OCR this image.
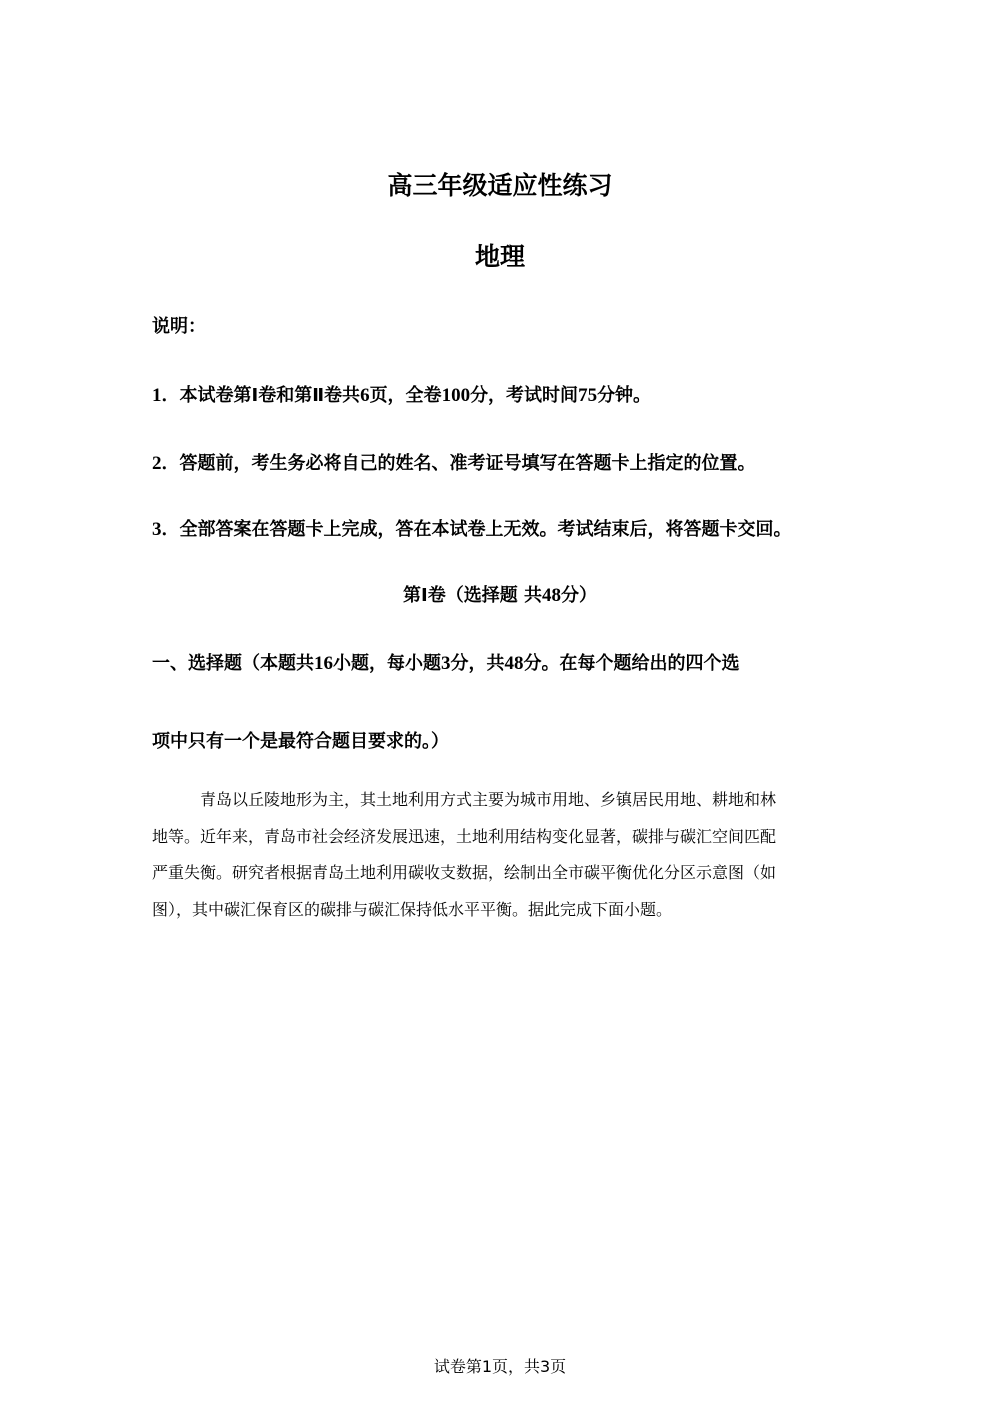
高三年级适应性练习
地理
说明：
1．本试卷第Ⅰ卷和第Ⅱ卷共6页，全卷100分，考试时间75分钟。
2．答题前，考生务必将自己的姓名、准考证号填写在答题卡上指定的位置。
3．全部答案在答题卡上完成，答在本试卷上无效。考试结束后，将答题卡交回。
第Ⅰ卷（选择题 共48分）
一、选择题（本题共16小题，每小题3分，共48分。在每个题给出的四个选
项中只有一个是最符合题目要求的。）
青岛以丘陵地形为主，其土地利用方式主要为城市用地、乡镇居民用地、耕地和林
地等。近年来，青岛市社会经济发展迅速，土地利用结构变化显著，碳排与碳汇空间匹配
严重失衡。研究者根据青岛土地利用碳收支数据，绘制出全市碳平衡优化分区示意图（如
图），其中碳汇保育区的碳排与碳汇保持低水平平衡。据此完成下面小题。
试卷第1页，共3页
